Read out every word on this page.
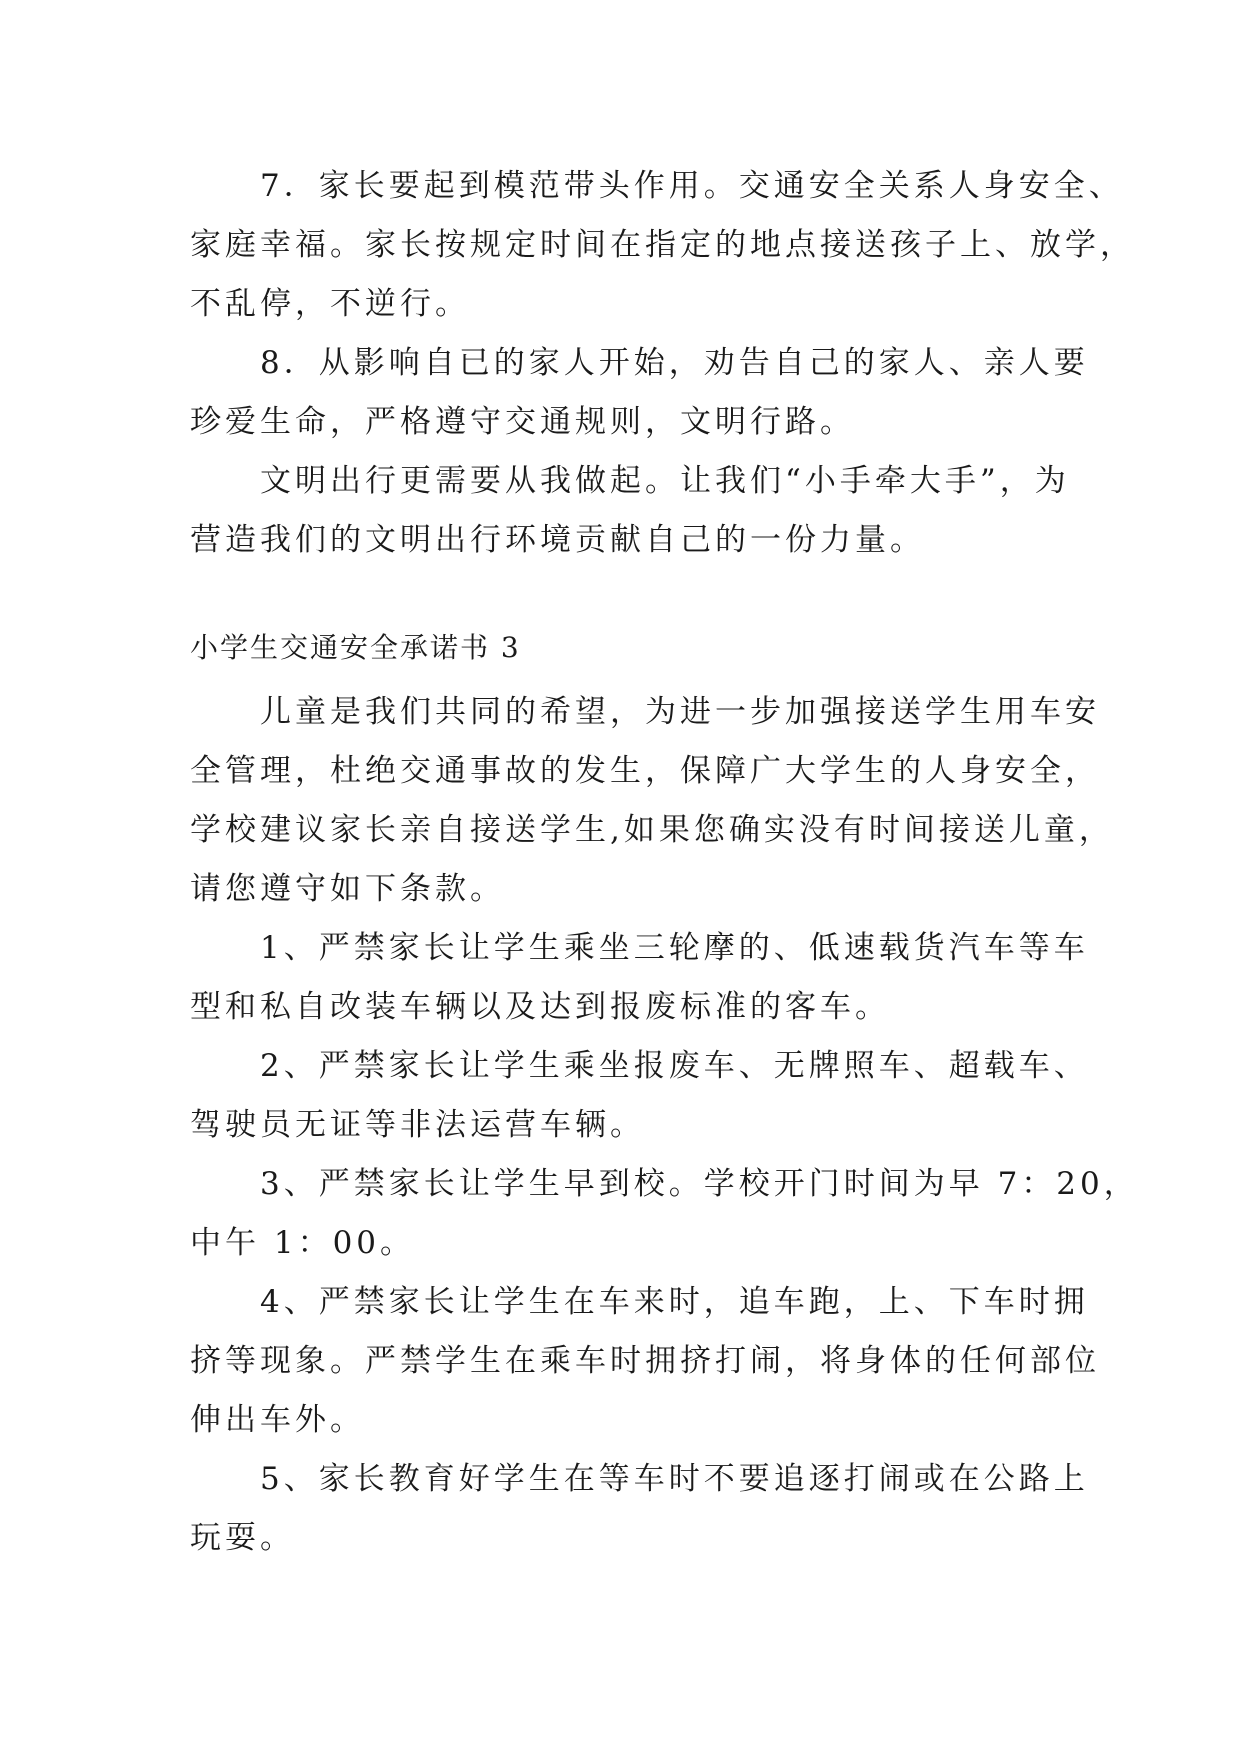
　　7．家长要起到模范带头作用。交通安全关系人身安全、
家庭幸福。家长按规定时间在指定的地点接送孩子上、放学，
不乱停，不逆行。

　　8．从影响自已的家人开始，劝告自己的家人、亲人要
珍爱生命，严格遵守交通规则，文明行路。

　　文明出行更需要从我做起。让我们“小手牵大手”，为
营造我们的文明出行环境贡献自己的一份力量。

小学生交通安全承诺书 3

　　儿童是我们共同的希望，为进一步加强接送学生用车安
全管理，杜绝交通事故的发生，保障广大学生的人身安全，
学校建议家长亲自接送学生,如果您确实没有时间接送儿童，
请您遵守如下条款。

　　1、严禁家长让学生乘坐三轮摩的、低速载货汽车等车
型和私自改装车辆以及达到报废标准的客车。

　　2、严禁家长让学生乘坐报废车、无牌照车、超载车、
驾驶员无证等非法运营车辆。

　　3、严禁家长让学生早到校。学校开门时间为早 7：20，
中午 1：00。

　　4、严禁家长让学生在车来时，追车跑，上、下车时拥
挤等现象。严禁学生在乘车时拥挤打闹，将身体的任何部位
伸出车外。

　　5、家长教育好学生在等车时不要追逐打闹或在公路上
玩耍。
